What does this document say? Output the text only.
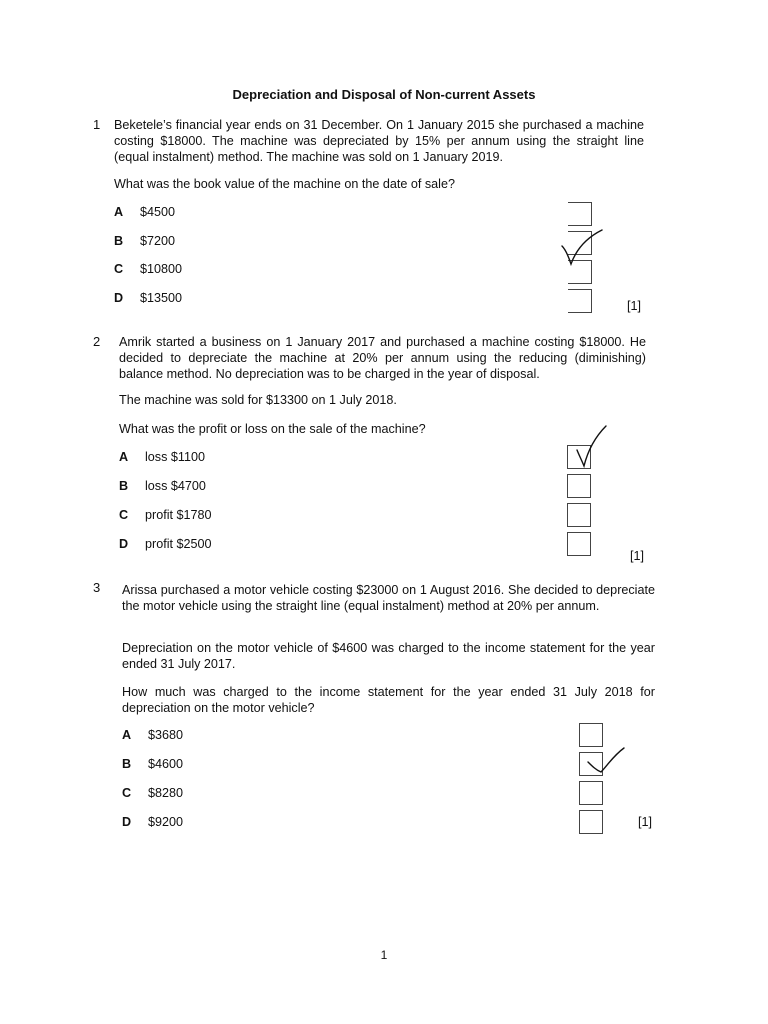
Depreciation and Disposal of Non-current Assets
1 Beketele’s financial year ends on 31 December. On 1 January 2015 she purchased a machine costing $18000. The machine was depreciated by 15% per annum using the straight line (equal instalment) method. The machine was sold on 1 January 2019.
What was the book value of the machine on the date of sale?
A $4500
B $7200
C $10800
D $13500
[1]
2 Amrik started a business on 1 January 2017 and purchased a machine costing $18000. He decided to depreciate the machine at 20% per annum using the reducing (diminishing) balance method. No depreciation was to be charged in the year of disposal.
The machine was sold for $13300 on 1 July 2018.
What was the profit or loss on the sale of the machine?
A loss $1100
B loss $4700
C profit $1780
D profit $2500
[1]
3 Arissa purchased a motor vehicle costing $23000 on 1 August 2016. She decided to depreciate the motor vehicle using the straight line (equal instalment) method at 20% per annum.
Depreciation on the motor vehicle of $4600 was charged to the income statement for the year ended 31 July 2017.
How much was charged to the income statement for the year ended 31 July 2018 for depreciation on the motor vehicle?
A $3680
B $4600
C $8280
D $9200	[1]
1
